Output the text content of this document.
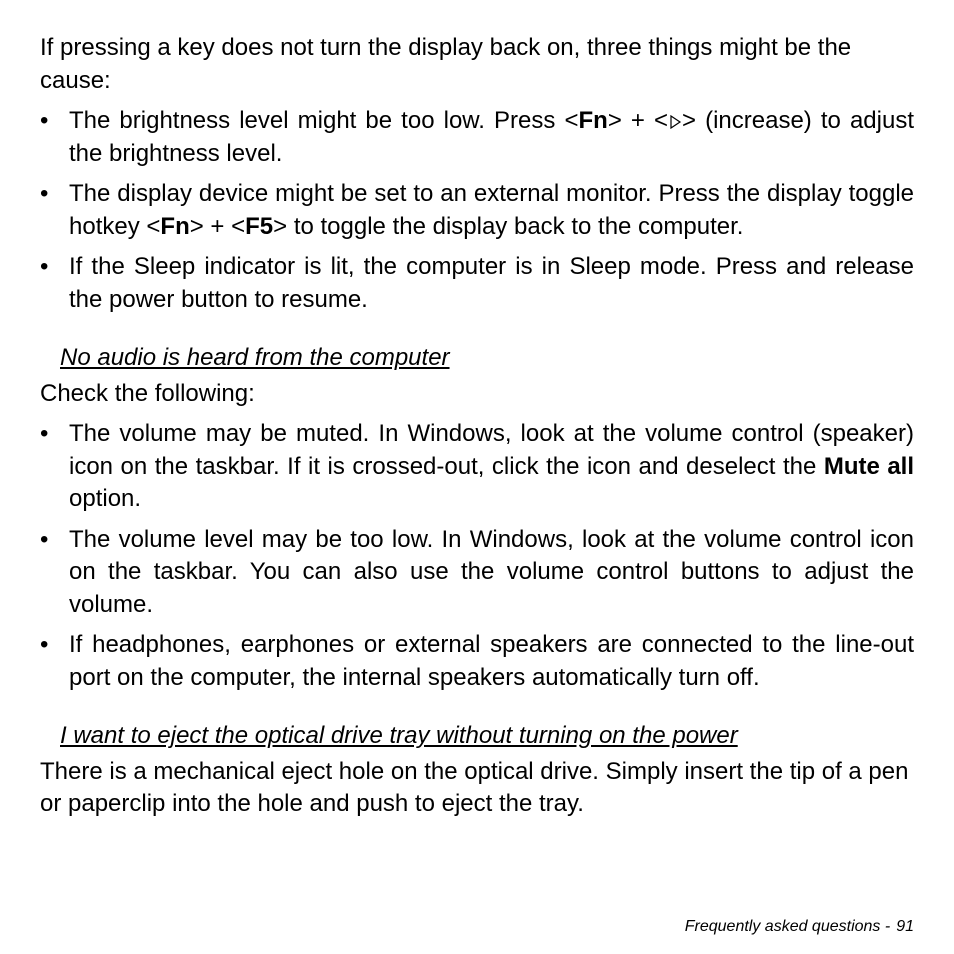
If pressing a key does not turn the display back on, three things might be the cause:

• The brightness level might be too low. Press <Fn> + < > (increase) to adjust the brightness level.
• The display device might be set to an external monitor. Press the display toggle hotkey <Fn> + <F5> to toggle the display back to the computer.
• If the Sleep indicator is lit, the computer is in Sleep mode. Press and release the power button to resume.

No audio is heard from the computer

Check the following:

• The volume may be muted. In Windows, look at the volume control (speaker) icon on the taskbar. If it is crossed-out, click the icon and deselect the Mute all option.
• The volume level may be too low. In Windows, look at the volume control icon on the taskbar. You can also use the volume control buttons to adjust the volume.
• If headphones, earphones or external speakers are connected to the line-out port on the computer, the internal speakers automatically turn off.

I want to eject the optical drive tray without turning on the power

There is a mechanical eject hole on the optical drive. Simply insert the tip of a pen or paperclip into the hole and push to eject the tray.

Frequently asked questions - 91
